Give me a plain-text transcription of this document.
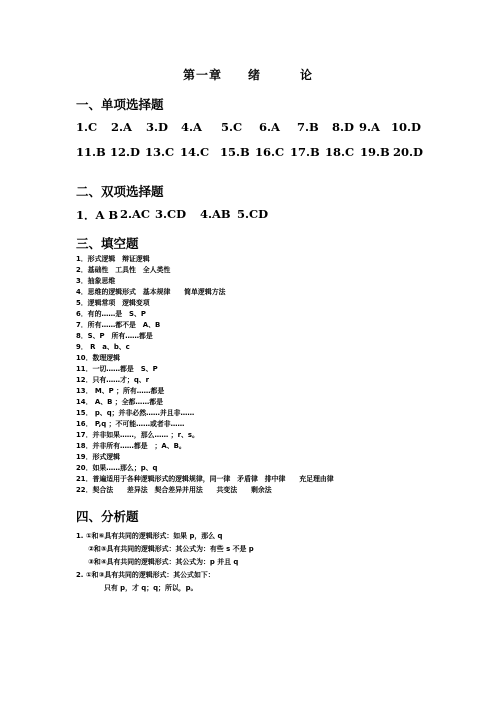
第一章　　绪　　　论
一、单项选择题
1.C	2.A	3.D	4.A	5.C	6.A	7.B	8.D 9.A 10.D
11.B 12.D 13.C 14.C 15.B 16.C 17.B 18.C 19.B 20.D
二、双项选择题
1．A B 2.AC 3.CD	4.AB 5.CD
三、填空题
1．形式逻辑　辩证逻辑
2．基础性　工具性　全人类性
3．抽象思维
4．思维的逻辑形式　基本规律　　简单逻辑方法
5．逻辑常项　逻辑变项
6．有的……是　S、P
7．所有……都不是　A、B
8．S、P　所有……都是
9． R　a、b、c
10．数理逻辑
11．一切……都是　S、P
12．只有……才；q、r
13． M、P ；所有……都是
14． A、B ；全都……都是
15． p、q；并非必然……并且非……
16． P,q ；不可能……或者非……
17．并非如果……，那么…… ；r、s。
18．并非所有……都是　；A、B。
19．形式逻辑
20．如果……那么；p、q
21．普遍适用于各种逻辑形式的逻辑规律，同一律　矛盾律　排中律　　充足理由律
22．契合法　　差异法　契合差异并用法　　共变法　　剩余法
四、分析题
1. ①和⑥具有共同的逻辑形式：如果 p，那么 q
②和⑤具有共同的逻辑形式：其公式为：有些 s 不是 p
③和④具有共同的逻辑形式：其公式为：p 并且 q
2. ①和③具有共同的逻辑形式：其公式如下：
只有 p，才 q；q；所以，p。
